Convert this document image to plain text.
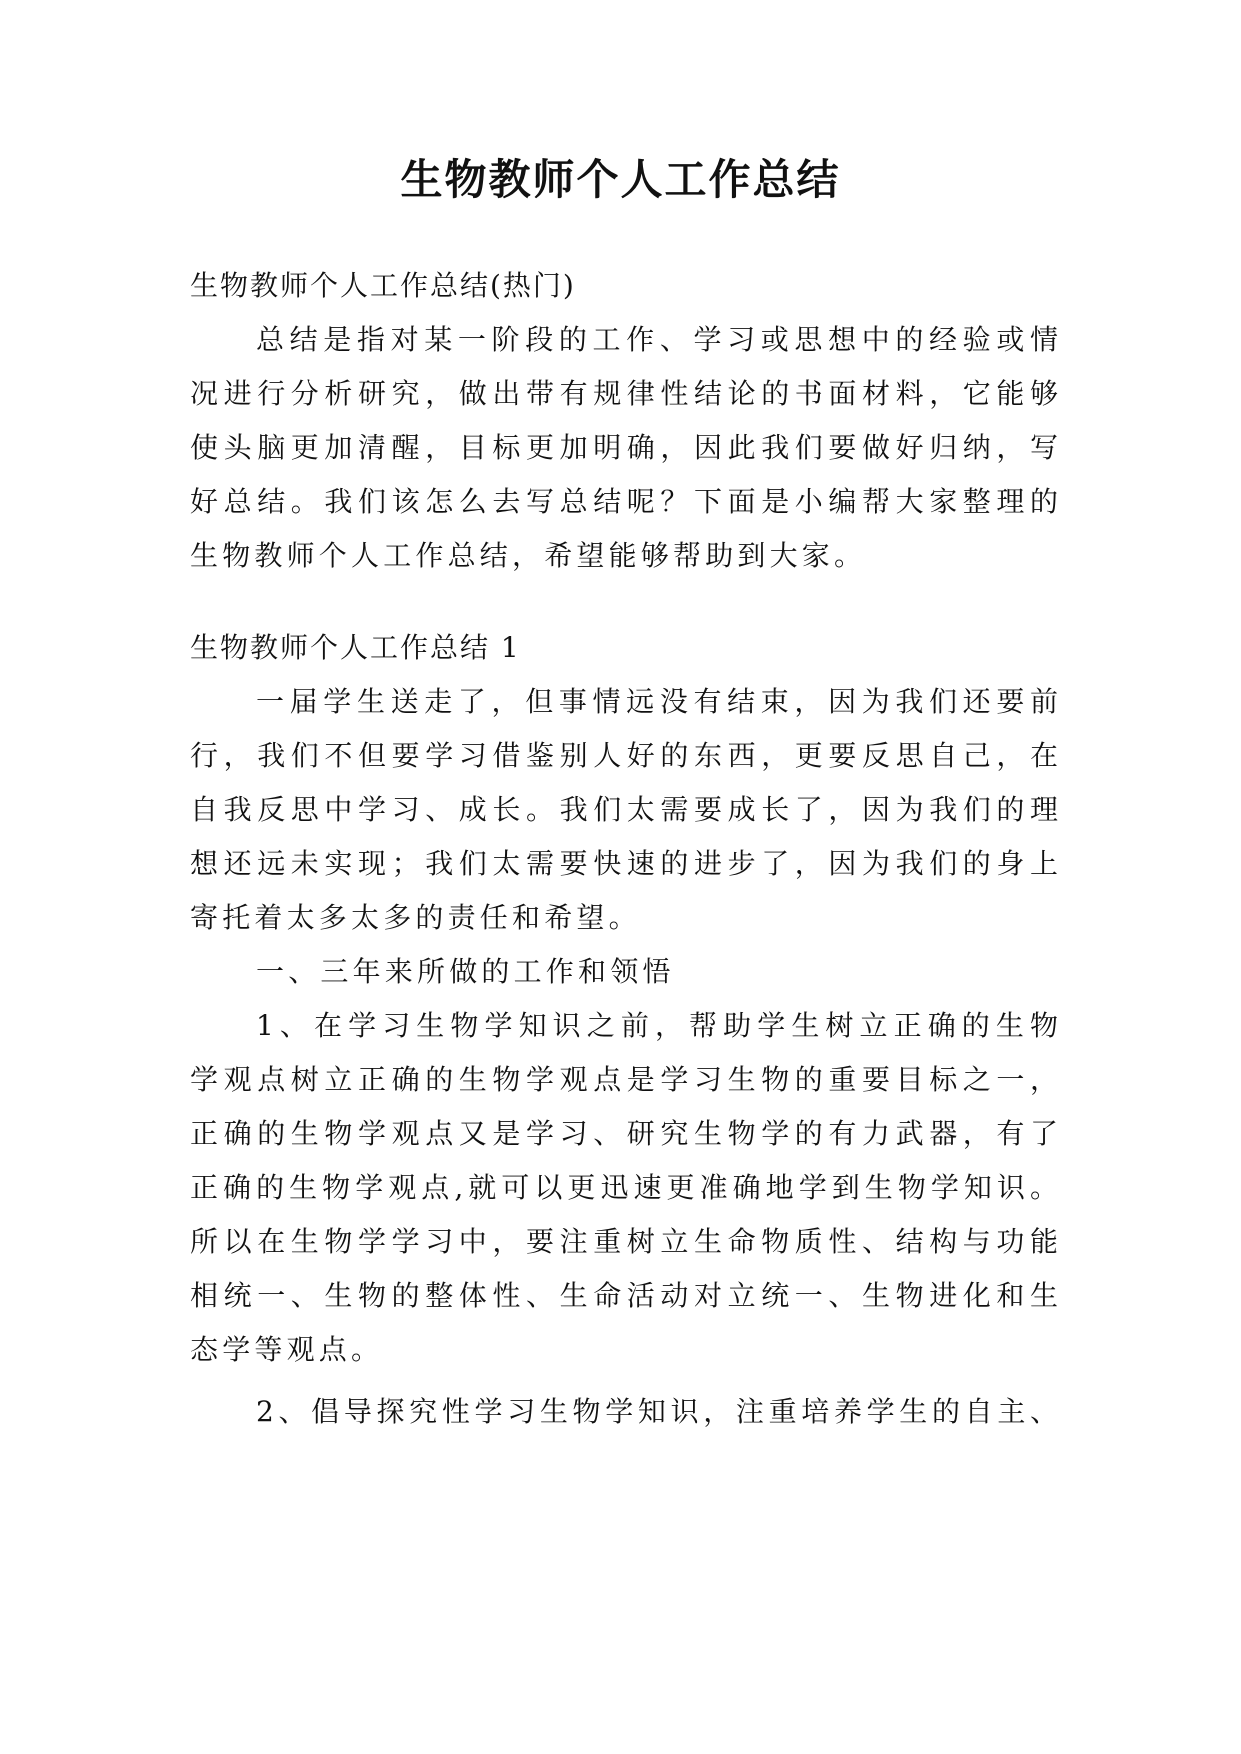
生物教师个人工作总结
生物教师个人工作总结(热门)
总结是指对某一阶段的工作、学习或思想中的经验或情
况进行分析研究，做出带有规律性结论的书面材料，它能够
使头脑更加清醒，目标更加明确，因此我们要做好归纳，写
好总结。我们该怎么去写总结呢？下面是小编帮大家整理的
生物教师个人工作总结，希望能够帮助到大家。
生物教师个人工作总结 1
一届学生送走了，但事情远没有结束，因为我们还要前
行，我们不但要学习借鉴别人好的东西，更要反思自己，在
自我反思中学习、成长。我们太需要成长了，因为我们的理
想还远未实现；我们太需要快速的进步了，因为我们的身上
寄托着太多太多的责任和希望。
一、三年来所做的工作和领悟
1、在学习生物学知识之前，帮助学生树立正确的生物
学观点树立正确的生物学观点是学习生物的重要目标之一，
正确的生物学观点又是学习、研究生物学的有力武器，有了
正确的生物学观点,就可以更迅速更准确地学到生物学知识。
所以在生物学学习中，要注重树立生命物质性、结构与功能
相统一、生物的整体性、生命活动对立统一、生物进化和生
态学等观点。
2、倡导探究性学习生物学知识，注重培养学生的自主、
